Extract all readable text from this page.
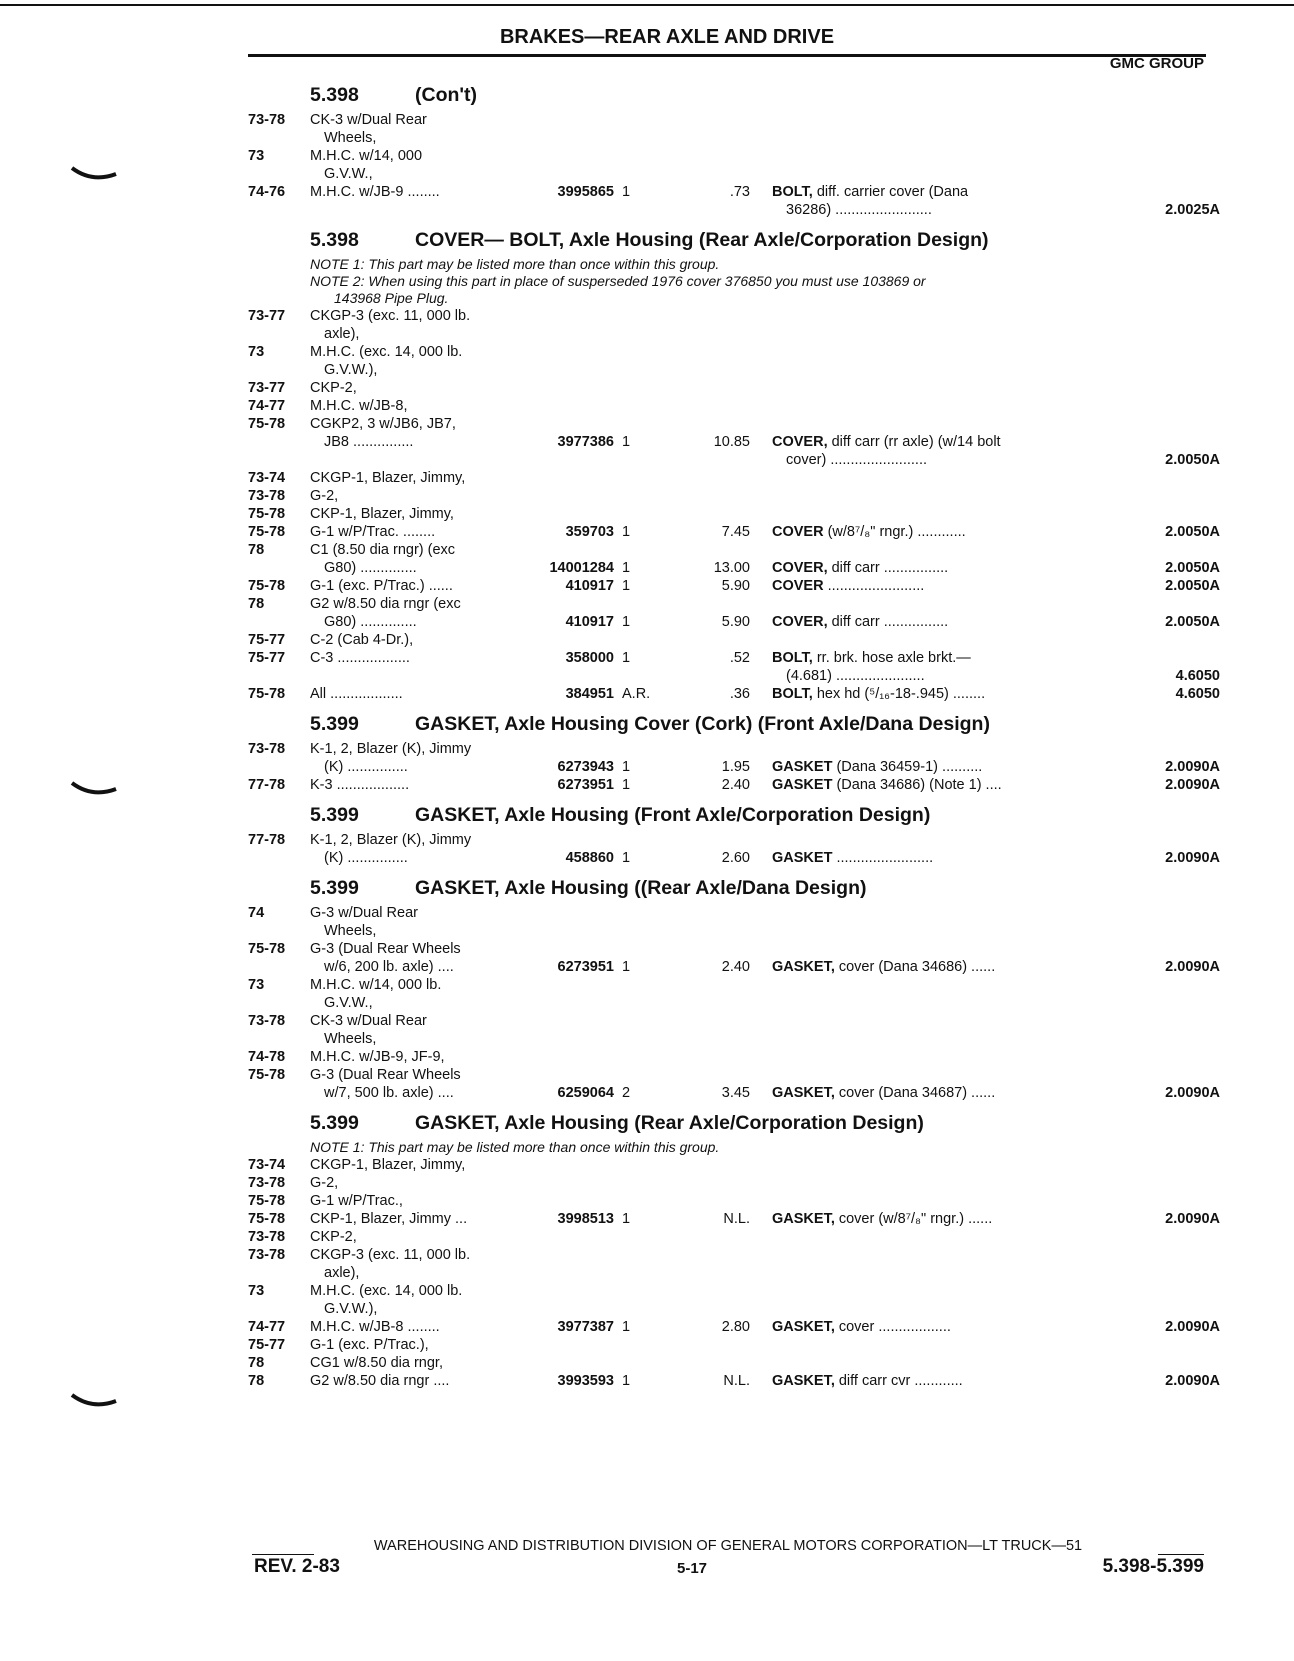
BRAKES—REAR AXLE AND DRIVE
GMC GROUP
5.398	(Con't)
73-78 CK-3 w/Dual Rear
Wheels,
73	M.H.C. w/14, 000
G.V.W.,
74-76 M.H.C. w/JB-9 ........	3995865 1	.73 BOLT, diff. carrier cover (Dana
36286) ........................	2.0025A
5.398	COVER— BOLT, Axle Housing (Rear Axle/Corporation Design)
NOTE 1: This part may be listed more than once within this group.
NOTE 2: When using this part in place of susperseded 1976 cover 376850 you must use 103869 or
143968 Pipe Plug.
73-77 CKGP-3 (exc. 11, 000 lb.
axle),
73	M.H.C. (exc. 14, 000 lb.
G.V.W.),
73-77 CKP-2,
74-77 M.H.C. w/JB-8,
75-78 CGKP2, 3 w/JB6, JB7,
JB8 ...............	3977386 1	10.85 COVER, diff carr (rr axle) (w/14 bolt
cover) ........................	2.0050A
73-74 CKGP-1, Blazer, Jimmy,
73-78 G-2,
75-78 CKP-1, Blazer, Jimmy,
75-78 G-1 w/P/Trac. ........	359703 1	7.45 COVER (w/8⁷/₈" rngr.) ............	2.0050A
78	C1 (8.50 dia rngr) (exc
G80) ..............	14001284 1	13.00 COVER, diff carr ................	2.0050A
75-78 G-1 (exc. P/Trac.) ......	410917 1	5.90 COVER ........................	2.0050A
78	G2 w/8.50 dia rngr (exc
G80) ..............	410917 1	5.90 COVER, diff carr ................	2.0050A
75-77 C-2 (Cab 4-Dr.),
75-77 C-3 ..................	358000 1	.52 BOLT, rr. brk. hose axle brkt.—
(4.681) ......................	4.6050
75-78 All ..................	384951 A.R.	.36 BOLT, hex hd (⁵/₁₆-18-.945) ........	4.6050
5.399	GASKET, Axle Housing Cover (Cork) (Front Axle/Dana Design)
73-78 K-1, 2, Blazer (K), Jimmy
(K) ...............	6273943 1	1.95 GASKET (Dana 36459-1) ..........	2.0090A
77-78 K-3 ..................	6273951 1	2.40 GASKET (Dana 34686) (Note 1) ....	2.0090A
5.399	GASKET, Axle Housing (Front Axle/Corporation Design)
77-78 K-1, 2, Blazer (K), Jimmy
(K) ...............	458860 1	2.60 GASKET ........................	2.0090A
5.399	GASKET, Axle Housing ((Rear Axle/Dana Design)
74	G-3 w/Dual Rear
Wheels,
75-78 G-3 (Dual Rear Wheels
w/6, 200 lb. axle) ....	6273951 1	2.40 GASKET, cover (Dana 34686) ......	2.0090A
73	M.H.C. w/14, 000 lb.
G.V.W.,
73-78 CK-3 w/Dual Rear
Wheels,
74-78 M.H.C. w/JB-9, JF-9,
75-78 G-3 (Dual Rear Wheels
w/7, 500 lb. axle) ....	6259064 2	3.45 GASKET, cover (Dana 34687) ......	2.0090A
5.399	GASKET, Axle Housing (Rear Axle/Corporation Design)
NOTE 1: This part may be listed more than once within this group.
73-74 CKGP-1, Blazer, Jimmy,
73-78 G-2,
75-78 G-1 w/P/Trac.,
75-78 CKP-1, Blazer, Jimmy ...	3998513 1	N.L. GASKET, cover (w/8⁷/₈" rngr.) ......	2.0090A
73-78 CKP-2,
73-78 CKGP-3 (exc. 11, 000 lb.
axle),
73	M.H.C. (exc. 14, 000 lb.
G.V.W.),
74-77 M.H.C. w/JB-8 ........	3977387 1	2.80 GASKET, cover ..................	2.0090A
75-77 G-1 (exc. P/Trac.),
78	CG1 w/8.50 dia rngr,
78	G2 w/8.50 dia rngr ....	3993593 1	N.L. GASKET, diff carr cvr ............	2.0090A
WAREHOUSING AND DISTRIBUTION DIVISION OF GENERAL MOTORS CORPORATION—LT TRUCK—51
REV. 2-83	5-17	5.398-5.399
